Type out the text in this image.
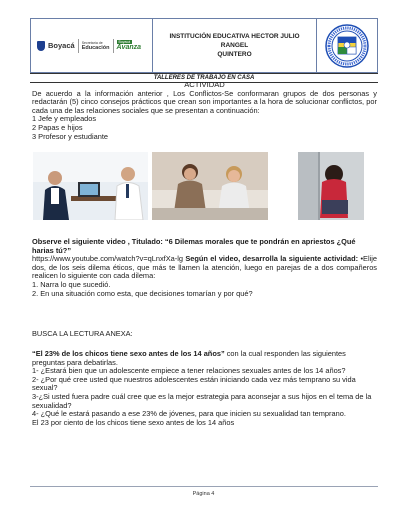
Boyacá Secretaría de
Educación
Boyacá
Avanza
INSTITUCIÓN EDUCATIVA HECTOR JULIO RANGEL
QUINTERO
TALLERES DE TRABAJO EN CASA
ACTIVIDAD
De acuerdo a la información anterior , Los Conflictos-Se conformaran grupos de dos personas y redactarán (5) cinco consejos prácticos que crean son importantes a la hora de solucionar conflictos, por cada una de las relaciones sociales que se presentan a continuación:
1 Jefe y empleados
2 Papas e hijos
3 Profesor y estudiante
Observe el siguiente video , Titulado: “6 Dilemas morales que te pondrán en apriestos ¿Qué harias tú?”
https://www.youtube.com/watch?v=qLnxfXa-lg Según el video, desarrolla la siguiente actividad: •Elije dos, de los seis dilema éticos, que más te llamen la atención, luego en parejas de a dos compañeros realicen lo siguiente con cada dilema:
1. Narra lo que sucedió.
2. En una situación como esta, que decisiones tomarían y por qué?
BUSCA LA LECTURA ANEXA:
“El 23% de los chicos tiene sexo antes de los 14 años” con la cual responden las siguientes preguntas para debatirlas.
1- ¿Estará bien que un adolescente empiece a tener relaciones sexuales antes de los 14 años?
2- ¿Por qué cree usted que nuestros adolescentes están iniciando cada vez más temprano su vida sexual?
3-¿Si usted fuera padre cuál cree que es la mejor estrategia para aconsejar a sus hijos en el tema de la sexualidad?
4- ¿Qué le estará pasando a ese 23% de jóvenes, para que inicien su sexualidad tan temprano.
El 23 por ciento de los chicos tiene sexo antes de los 14 años
Página 4
